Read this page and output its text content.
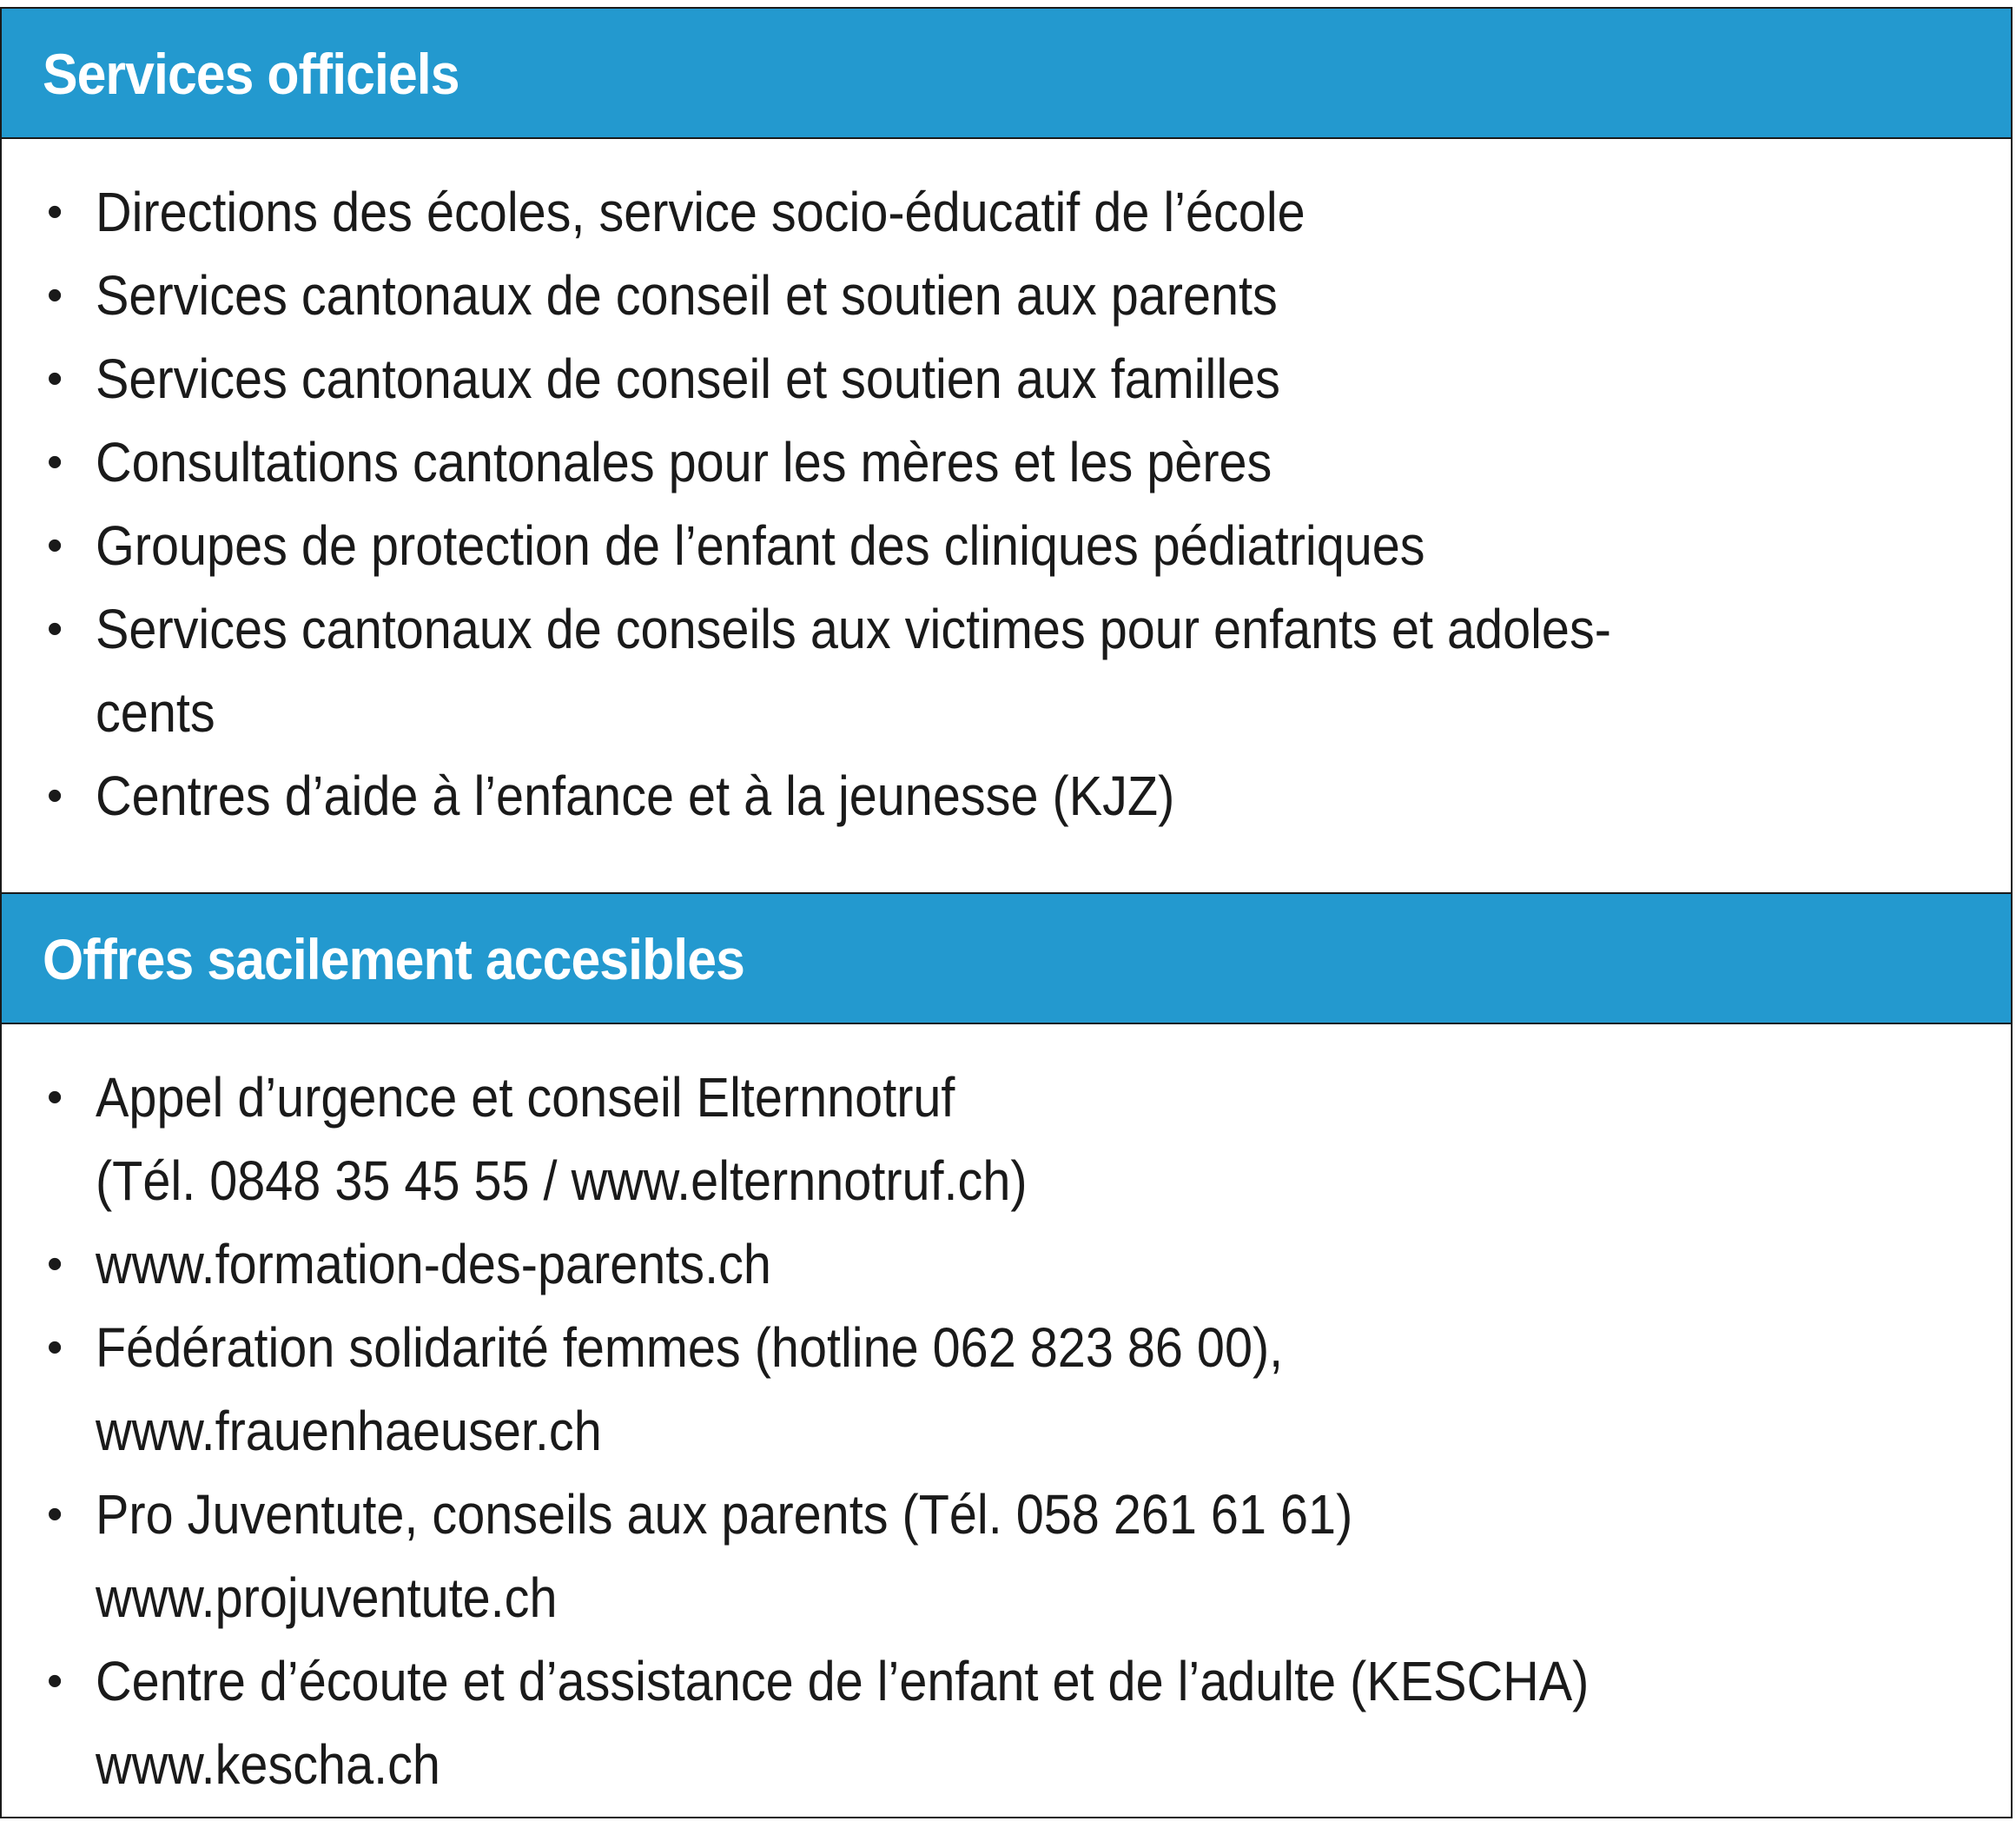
Services officiels
• Directions des écoles, service socio-éducatif de l’école
• Services cantonaux de conseil et soutien aux parents
• Services cantonaux de conseil et soutien aux familles
• Consultations cantonales pour les mères et les pères
• Groupes de protection de l’enfant des cliniques pédiatriques
• Services cantonaux de conseils aux victimes pour enfants et adoles-
cents
• Centres d’aide à l’enfance et à la jeunesse (KJZ)
Offres sacilement accesibles
• Appel d’urgence et conseil Elternnotruf
(Tél. 0848 35 45 55 / www.elternnotruf.ch)
• www.formation-des-parents.ch
• Fédération solidarité femmes (hotline 062 823 86 00),
www.frauenhaeuser.ch
• Pro Juventute, conseils aux parents (Tél. 058 261 61 61)
www.projuventute.ch
• Centre d’écoute et d’assistance de l’enfant et de l’adulte (KESCHA)
www.kescha.ch
